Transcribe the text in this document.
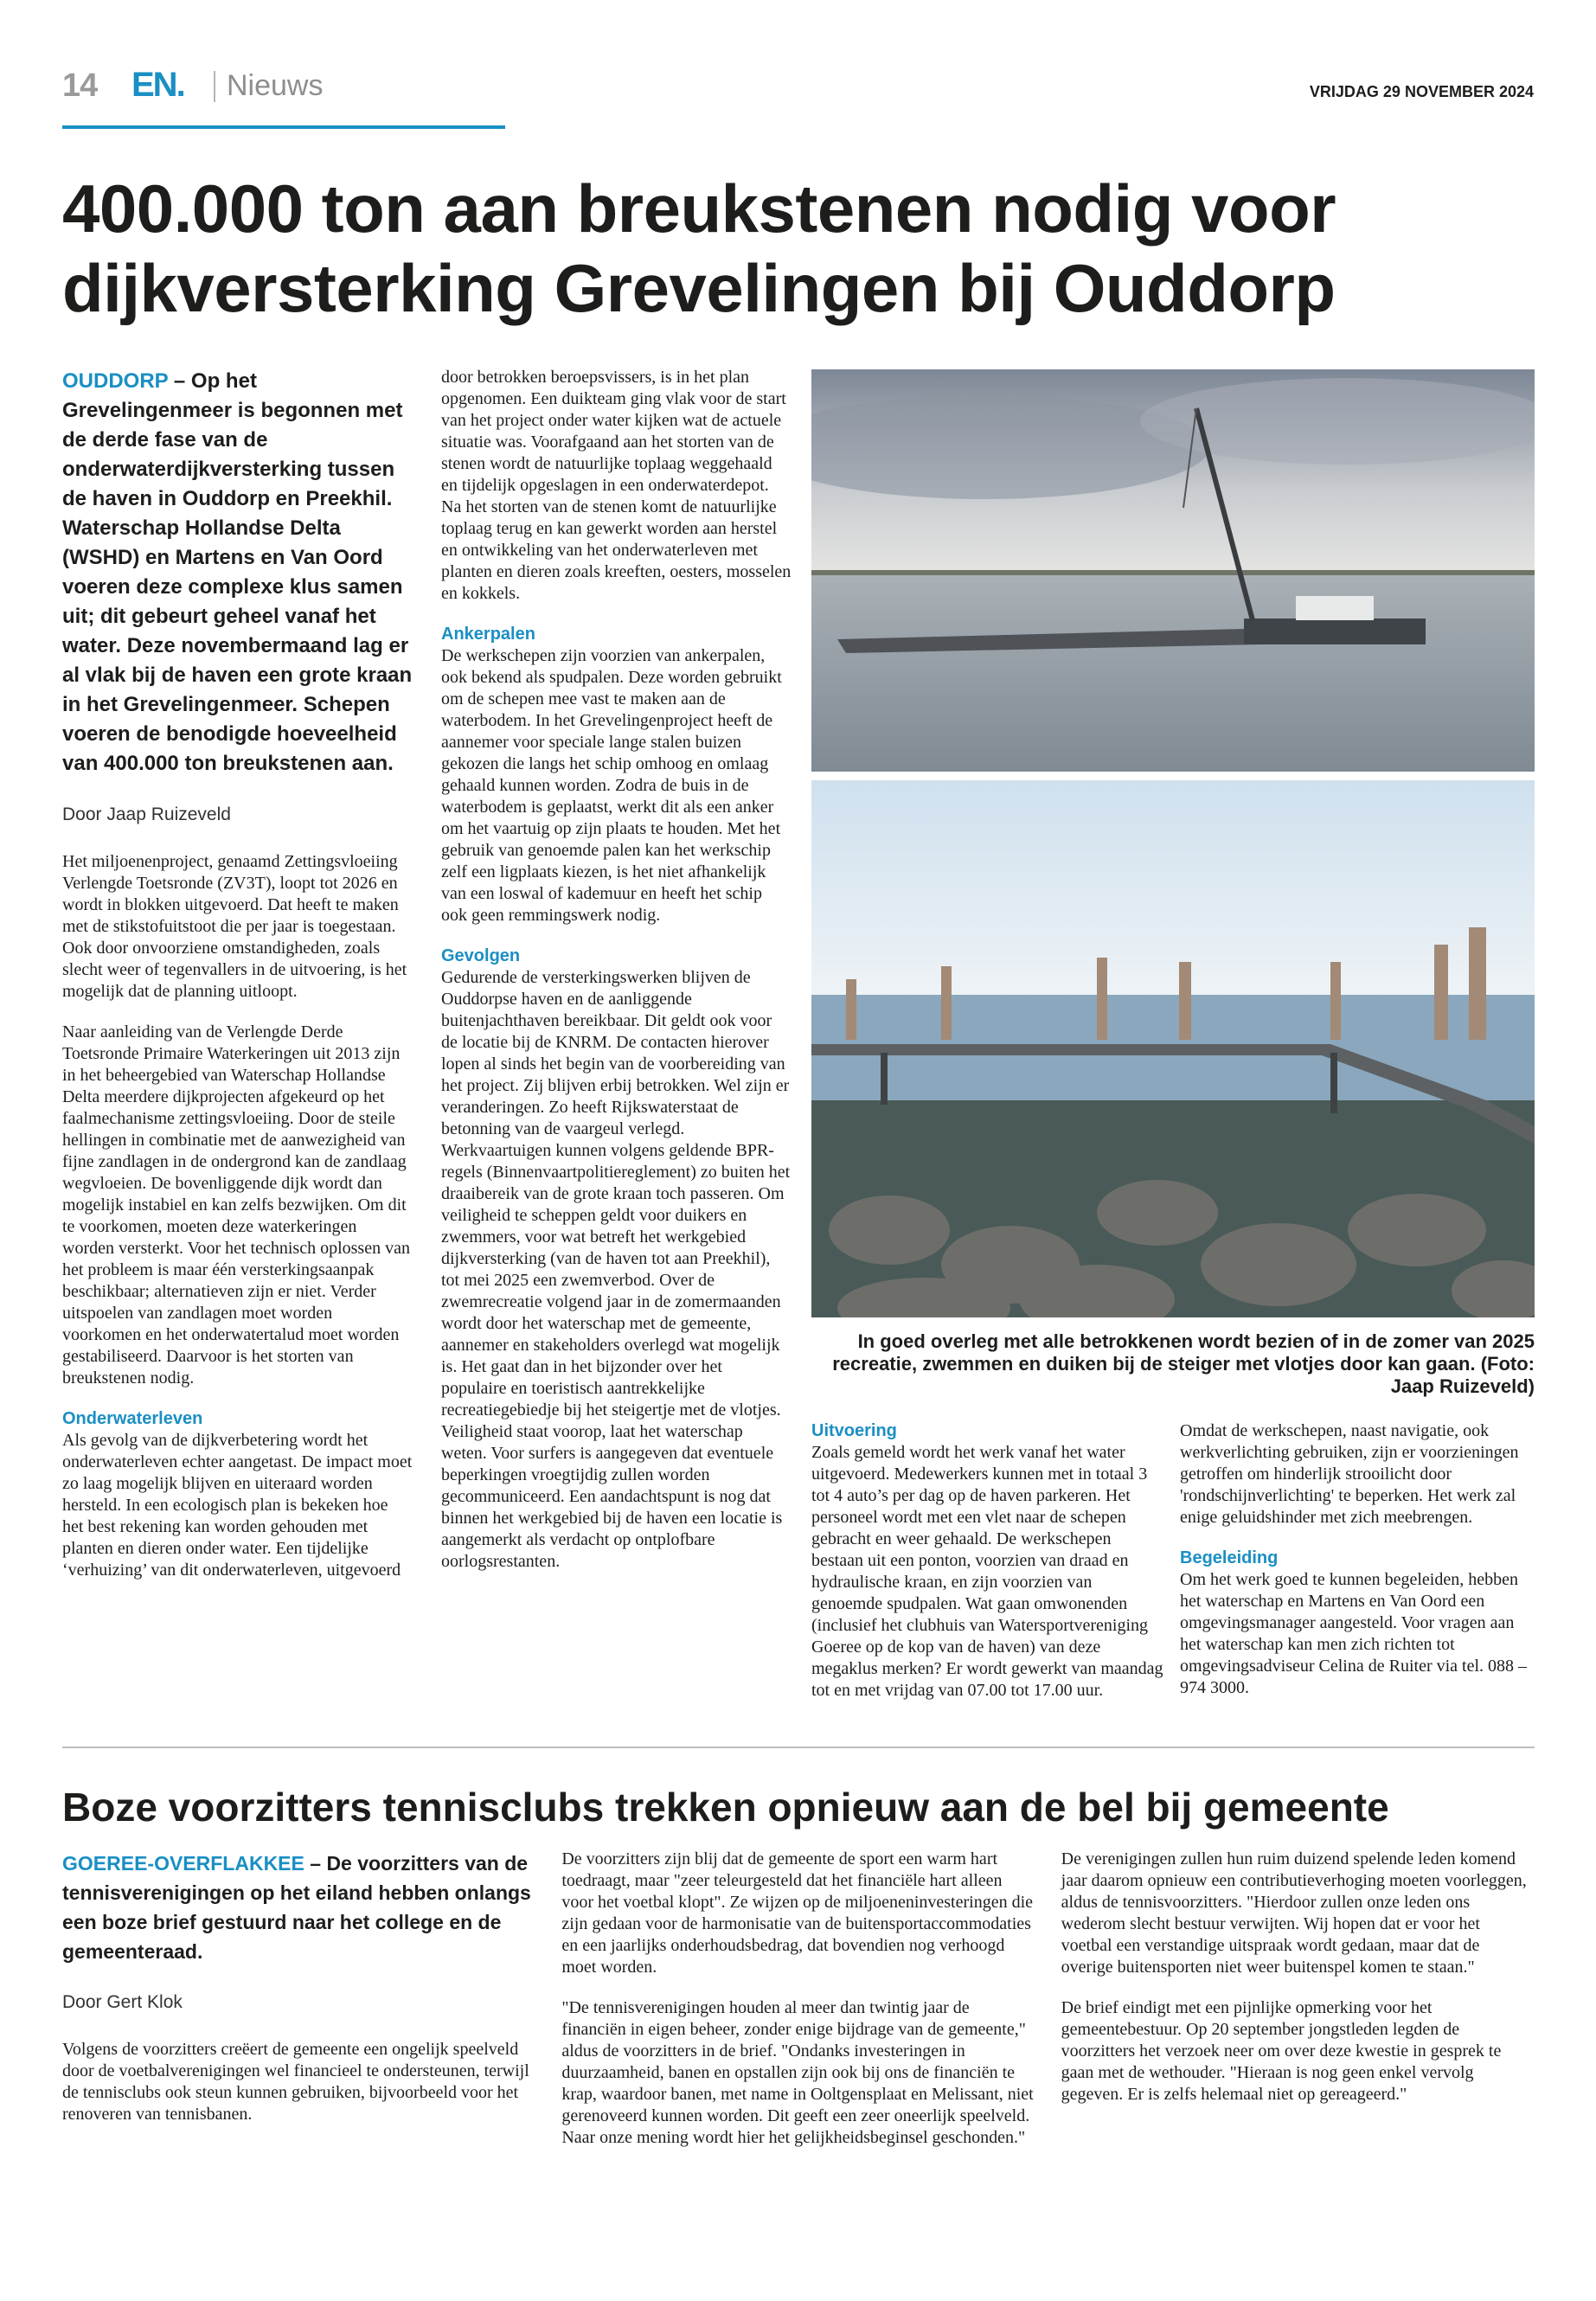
14 EN. Nieuws	VRIJDAG 29 NOVEMBER 2024
400.000 ton aan breukstenen nodig voor dijkversterking Grevelingen bij Ouddorp
OUDDORP – Op het Grevelingenmeer is begonnen met de derde fase van de onderwaterdijkversterking tussen de haven in Ouddorp en Preekhil. Waterschap Hollandse Delta (WSHD) en Martens en Van Oord voeren deze complexe klus samen uit; dit gebeurt geheel vanaf het water. Deze novembermaand lag er al vlak bij de haven een grote kraan in het Grevelingenmeer. Schepen voeren de benodigde hoeveelheid van 400.000 ton breukstenen aan.
Door Jaap Ruizeveld

Het miljoenenproject, genaamd Zettingsvloeiing Verlengde Toetsronde (ZV3T), loopt tot 2026 en wordt in blokken uitgevoerd. Dat heeft te maken met de stikstofuitstoot die per jaar is toegestaan. Ook door onvoorziene omstandigheden, zoals slecht weer of tegenvallers in de uitvoering, is het mogelijk dat de planning uitloopt.

Naar aanleiding van de Verlengde Derde Toetsronde Primaire Waterkeringen uit 2013 zijn in het beheergebied van Waterschap Hollandse Delta meerdere dijkprojecten afgekeurd op het faalmechanisme zettingsvloeiing. Door de steile hellingen in combinatie met de aanwezigheid van fijne zandlagen in de ondergrond kan de zandlaag wegvloeien. De bovenliggende dijk wordt dan mogelijk instabiel en kan zelfs bezwijken. Om dit te voorkomen, moeten deze waterkeringen worden versterkt. Voor het technisch oplossen van het probleem is maar één versterkingsaanpak beschikbaar; alternatieven zijn er niet. Verder uitspoelen van zandlagen moet worden voorkomen en het onderwatertalud moet worden gestabiliseerd. Daarvoor is het storten van breukstenen nodig.

Onderwaterleven

Als gevolg van de dijkverbetering wordt het onderwaterleven echter aangetast. De impact moet zo laag mogelijk blijven en uiteraard worden hersteld. In een ecologisch plan is bekeken hoe het best rekening kan worden gehouden met planten en dieren onder water. Een tijdelijke ‘verhuizing’ van dit onderwaterleven, uitgevoerd door betrokken beroepsvissers, is in het plan opgenomen. Een duikteam ging vlak voor de start van het project onder water kijken wat de actuele situatie was. Voorafgaand aan het storten van de stenen wordt de natuurlijke toplaag weggehaald en tijdelijk opgeslagen in een onderwaterdepot.

Na het storten van de stenen komt de natuurlijke toplaag terug en kan gewerkt worden aan herstel en ontwikkeling van het onderwaterleven met planten en dieren zoals kreeften, oesters, mosselen en kokkels.

Ankerpalen

De werkschepen zijn voorzien van ankerpalen, ook bekend als spudpalen. Deze worden gebruikt om de schepen mee vast te maken aan de waterbodem. In het Grevelingenproject heeft de aannemer voor speciale lange stalen buizen gekozen die langs het schip omhoog en omlaag gehaald kunnen worden. Zodra de buis in de waterbodem is geplaatst, werkt dit als een anker om het vaartuig op zijn plaats te houden. Met het gebruik van genoemde palen kan het werkschip zelf een ligplaats kiezen, is het niet afhankelijk van een loswal of kademuur en heeft het schip ook geen remmingswerk nodig.

Gevolgen

Gedurende de versterkingswerken blijven de Ouddorpse haven en de aanliggende buitenjachthaven bereikbaar. Dit geldt ook voor de locatie bij de KNRM. De contacten hierover lopen al sinds het begin van de voorbereiding van het project. Zij blijven erbij betrokken. Wel zijn er veranderingen. Zo heeft Rijkswaterstaat de betonning van de vaargeul verlegd. Werkvaartuigen kunnen volgens geldende BPR-regels (Binnenvaartpolitiereglement) zo buiten het draaibereik van de grote kraan toch passeren. Om veiligheid te scheppen geldt voor duikers en zwemmers, voor wat betreft het werkgebied dijkversterking (van de haven tot aan Preekhil), tot mei 2025 een zwemverbod. Over de zwemrecreatie volgend jaar in de zomermaanden wordt door het waterschap met de gemeente, aannemer en stakeholders overlegd wat mogelijk is. Het gaat dan in het bijzonder over het populaire en toeristisch aantrekkelijke recreatiegebiedje bij het steigertje met de vlotjes. Veiligheid staat voorop, laat het waterschap weten. Voor surfers is aangegeven dat eventuele beperkingen vroegtijdig zullen worden gecommuniceerd. Een aandachtspunt is nog dat binnen het werkgebied bij de haven een locatie is aangemerkt als verdacht op ontplofbare oorlogsrestanten.

In goed overleg met alle betrokkenen wordt bezien of in de zomer van 2025 recreatie, zwemmen en duiken bij de steiger met vlotjes door kan gaan. (Foto: Jaap Ruizeveld)
Uitvoering

Zoals gemeld wordt het werk vanaf het water uitgevoerd. Medewerkers kunnen met in totaal 3 tot 4 auto’s per dag op de haven parkeren. Het personeel wordt met een vlet naar de schepen gebracht en weer gehaald. De werkschepen bestaan uit een ponton, voorzien van draad en hydraulische kraan, en zijn voorzien van genoemde spudpalen. Wat gaan omwonenden (inclusief het clubhuis van Watersportvereniging Goeree op de kop van de haven) van deze megaklus merken? Er wordt gewerkt van maandag tot en met vrijdag van 07.00 tot 17.00 uur.

Omdat de werkschepen, naast navigatie, ook werkverlichting gebruiken, zijn er voorzieningen getroffen om hinderlijk strooilicht door 'rondschijnverlichting' te beperken. Het werk zal enige geluidshinder met zich meebrengen.

Begeleiding

Om het werk goed te kunnen begeleiden, hebben het waterschap en Martens en Van Oord een omgevingsmanager aangesteld. Voor vragen aan het waterschap kan men zich richten tot omgevingsadviseur Celina de Ruiter via tel. 088 – 974 3000.

Boze voorzitters tennisclubs trekken opnieuw aan de bel bij gemeente
GOEREE-OVERFLAKKEE – De voorzitters van de tennisverenigingen op het eiland hebben onlangs een boze brief gestuurd naar het college en de gemeenteraad.
Door Gert Klok

Volgens de voorzitters creëert de gemeente een ongelijk speelveld door de voetbalverenigingen wel financieel te ondersteunen, terwijl de tennisclubs ook steun kunnen gebruiken, bijvoorbeeld voor het renoveren van tennisbanen.

De voorzitters zijn blij dat de gemeente de sport een warm hart toedraagt, maar "zeer teleurgesteld dat het financiële hart alleen voor het voetbal klopt". Ze wijzen op de miljoeneninvesteringen die zijn gedaan voor de harmonisatie van de buitensportaccommodaties en een jaarlijks onderhoudsbedrag, dat bovendien nog verhoogd moet worden.

"De tennisverenigingen houden al meer dan twintig jaar de financiën in eigen beheer, zonder enige bijdrage van de gemeente," aldus de voorzitters in de brief. "Ondanks investeringen in duurzaamheid, banen en opstallen zijn ook bij ons de financiën te krap, waardoor banen, met name in Ooltgensplaat en Melissant, niet gerenoveerd kunnen worden. Dit geeft een zeer oneerlijk speelveld. Naar onze mening wordt hier het gelijkheidsbeginsel geschonden."

De verenigingen zullen hun ruim duizend spelende leden komend jaar daarom opnieuw een contributieverhoging moeten voorleggen, aldus de tennisvoorzitters. "Hierdoor zullen onze leden ons wederom slecht bestuur verwijten. Wij hopen dat er voor het voetbal een verstandige uitspraak wordt gedaan, maar dat de overige buitensporten niet weer buitenspel komen te staan."

De brief eindigt met een pijnlijke opmerking voor het gemeentebestuur. Op 20 september jongstleden legden de voorzitters het verzoek neer om over deze kwestie in gesprek te gaan met de wethouder. "Hieraan is nog geen enkel vervolg gegeven. Er is zelfs helemaal niet op gereageerd."
